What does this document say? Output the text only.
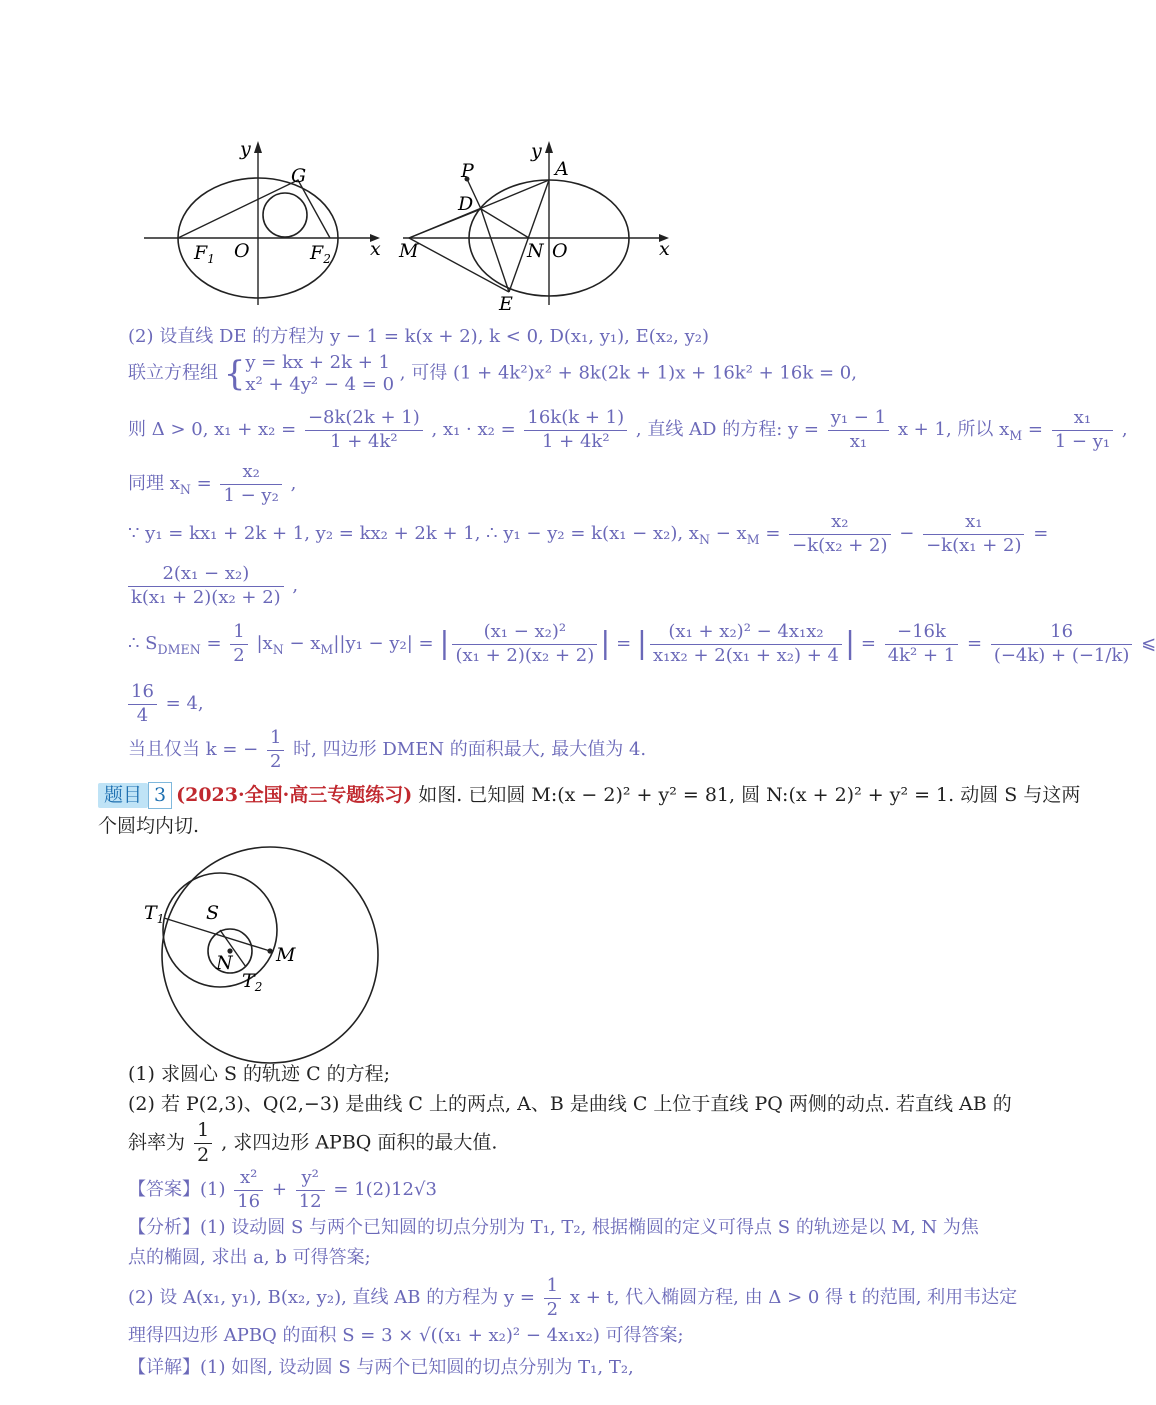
y
x
G
O
$F_1$	$F_2$
y
x
A
P
D
M	N O
E
(2) 设直线 DE 的方程为 y − 1 = k(x + 2), k < 0, D(x₁, y₁), E(x₂, y₂)
联立方程组 { y = kx + 2k + 1
x² + 4y² − 4 = 0
, 可得 (1 + 4k²)x² + 8k(2k + 1)x + 16k² + 16k = 0,
则 Δ > 0, $x_1 + x_2 = \frac{-8k(2k + 1)}{\text{1 + 4k²}}$ , $x_1 \cdot x_2 = \frac{16k(k + 1)}{\text{1 + 4k²}}$ , 直线 AD 的方程: $y = \frac{\text{y₁ − 1}}{\text{x₁}}$ x + 1, 所以 $x_M = \frac{\text{x₁}}{\text{1 − y₁}}$ ,
同理 $x_N = \frac{\text{x₂}}{\text{1 − y₂}}$ ,
∵ y₁ = kx₁ + 2k + 1, y₂ = kx₂ + 2k + 1, ∴ y₁ − y₂ = k(x₁ − x₂), $x_N - x_M = \frac{\text{x₂}}{\text{−k(x₂ + 2)}} - \frac{\text{x₁}}{\text{−k(x₁ + 2)}}$ =
$\frac{\text{2(x₁ − x₂)}}{\text{k(x₁ + 2)(x₂ + 2)}}$ ,
∴ $S_{DMEN} = \frac{1}{2} |x_N - x_M||y_1 - y_2|$ = | $\frac{\text{(x₁ − x₂)²}}{\text{(x₁ + 2)(x₂ + 2)}}$ | = | $\frac{\text{(x₁ + x₂)² − 4x₁x₂}}{\text{x₁x₂ + 2(x₁ + x₂) + 4}}$ | = $\frac{-16k}{\text{4k² + 1}} = \frac{16}{(-4k) + (-1/k)}$ ⩽
$\frac{16}{4} = 4$,
当且仅当 k = − $\frac{1}{2}$ 时, 四边形 DMEN 的面积最大, 最大值为 4.
题目 3 (2023·全国·高三专题练习) 如图. 已知圆 M:(x − 2)² + y² = 81, 圆 N:(x + 2)² + y² = 1. 动圆 S 与这两
个圆均内切.
$T_1$ S
N M
$T_2$
(1) 求圆心 S 的轨迹 C 的方程;
(2) 若 P(2,3)、Q(2,−3) 是曲线 C 上的两点, A、B 是曲线 C 上位于直线 PQ 两侧的动点. 若直线 AB 的
斜率为 $\frac{1}{2}$ , 求四边形 APBQ 面积的最大值.
【答案】$(1) \frac{\text{x²}}{16} + \frac{\text{y²}}{12} = 1(2)12√3$
【分析】(1) 设动圆 S 与两个已知圆的切点分别为 T₁, T₂, 根据椭圆的定义可得点 S 的轨迹是以 M, N 为焦
点的椭圆, 求出 a, b 可得答案;
(2) 设 A(x₁, y₁), B(x₂, y₂), 直线 AB 的方程为 $y = \frac{1}{2}$ x + t, 代入椭圆方程, 由 Δ > 0 得 t 的范围, 利用韦达定
理得四边形 APBQ 的面积 S = 3 × √((x₁ + x₂)² − 4x₁x₂) 可得答案;
【详解】(1) 如图, 设动圆 S 与两个已知圆的切点分别为 T₁, T₂,
